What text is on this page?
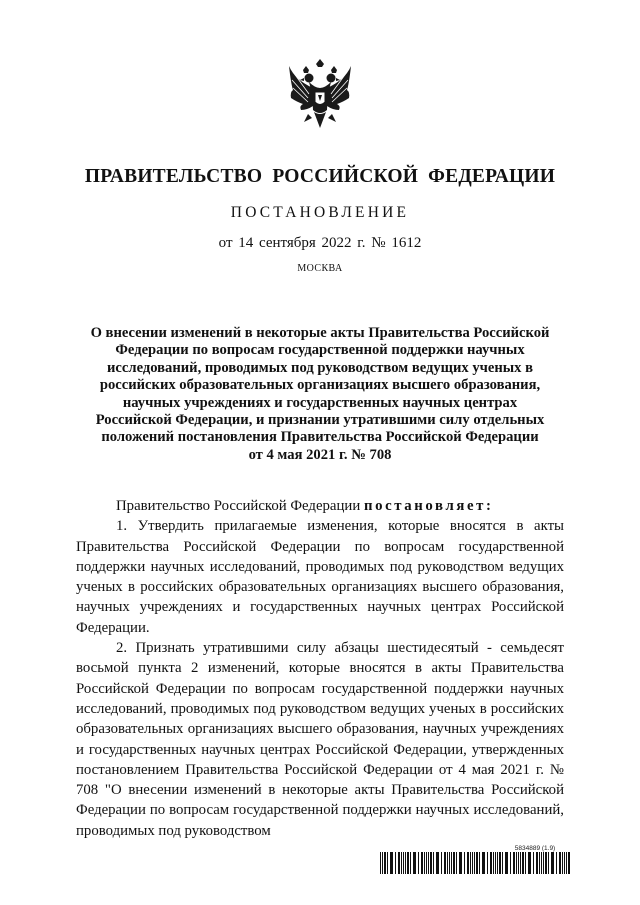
ПРАВИТЕЛЬСТВО РОССИЙСКОЙ ФЕДЕРАЦИИ
ПОСТАНОВЛЕНИЕ
от 14 сентября 2022 г. № 1612
МОСКВА
О внесении изменений в некоторые акты Правительства Российской
Федерации по вопросам государственной поддержки научных
исследований, проводимых под руководством ведущих ученых в
российских образовательных организациях высшего образования,
научных учреждениях и государственных научных центрах
Российской Федерации, и признании утратившими силу отдельных
положений постановления Правительства Российской Федерации
от 4 мая 2021 г. № 708

Правительство Российской Федерации постановляет:

1. Утвердить прилагаемые изменения, которые вносятся в акты Правительства Российской Федерации по вопросам государственной поддержки научных исследований, проводимых под руководством ведущих ученых в российских образовательных организациях высшего образования, научных учреждениях и государственных научных центрах Российской Федерации.

2. Признать утратившими силу абзацы шестидесятый - семьдесят восьмой пункта 2 изменений, которые вносятся в акты Правительства Российской Федерации по вопросам государственной поддержки научных исследований, проводимых под руководством ведущих ученых в российских образовательных организациях высшего образования, научных учреждениях и государственных научных центрах Российской Федерации, утвержденных постановлением Правительства Российской Федерации от 4 мая 2021 г. № 708 "О внесении изменений в некоторые акты Правительства Российской Федерации по вопросам государственной поддержки научных исследований, проводимых под руководством

5834889 (1.9)
